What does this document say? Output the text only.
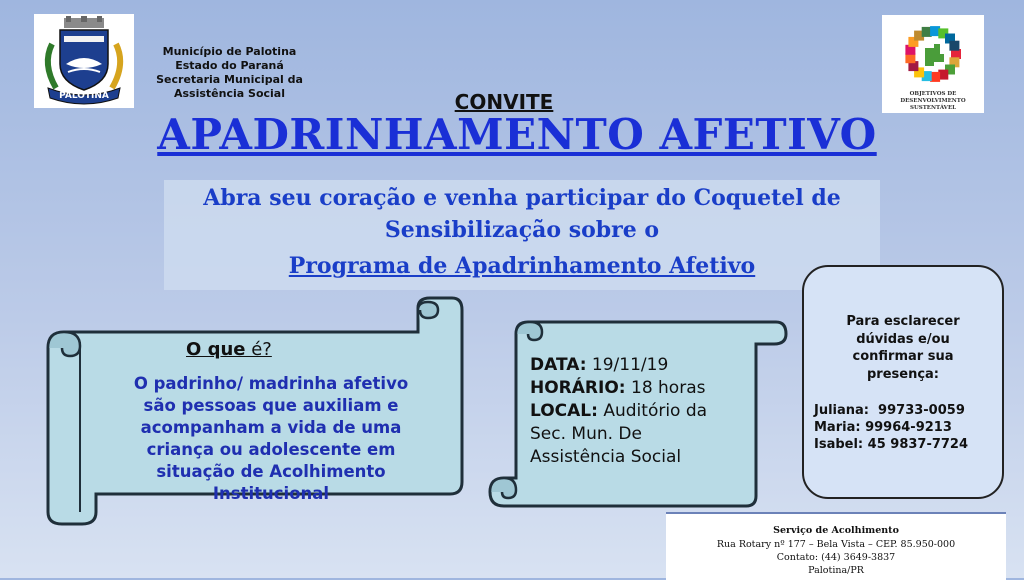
PALOTINA
Município de Palotina
Estado do Paraná
Secretaria Municipal da
Assistência Social	OBJETIVOS DE
DESENVOLVIMENTO
SUSTENTÁVEL
CONVITE
APADRINHAMENTO AFETIVO
Abra seu coração e venha participar do Coquetel de
Sensibilização sobre o
Programa de Apadrinhamento Afetivo
O que é?
O padrinho/ madrinha afetivo
são pessoas que auxiliam e
acompanham a vida de uma
criança ou adolescente em
situação de Acolhimento
Institucional
DATA: 19/11/19
HORÁRIO: 18 horas
LOCAL: Auditório da
Sec. Mun. De
Assistência Social
Para esclarecer
dúvidas e/ou
confirmar sua
presença:
Juliana:  99733-0059
Maria: 99964-9213
Isabel: 45 9837-7724
Serviço de Acolhimento
Rua Rotary nº 177 – Bela Vista – CEP. 85.950-000
Contato: (44) 3649-3837
Palotina/PR
